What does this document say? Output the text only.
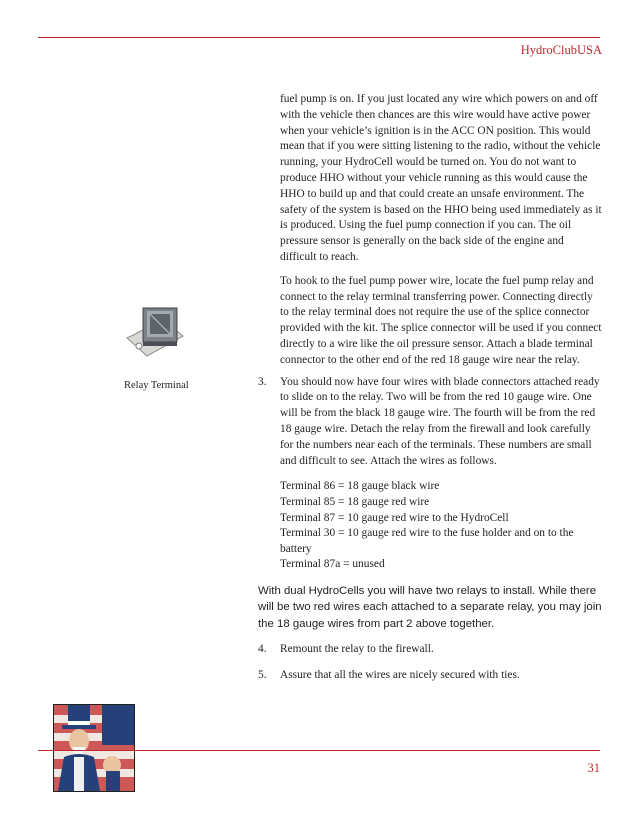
HydroClubUSA
Relay Terminal

fuel pump is on. If you just located any wire which powers on and off with the vehicle then chances are this wire would have active power when your vehicle’s ignition is in the ACC ON position. This would mean that if you were sitting listening to the radio, without the vehicle running, your HydroCell would be turned on. You do not want to produce HHO without your vehicle running as this would cause the HHO to build up and that could create an unsafe environment. The safety of the system is based on the HHO being used immediately as it is produced. Using the fuel pump connection if you can. The oil pressure sensor is generally on the back side of the engine and difficult to reach.

To hook to the fuel pump power wire, locate the fuel pump relay and connect to the relay terminal transferring power. Connecting directly to the relay terminal does not require the use of the splice connector provided with the kit. The splice connector will be used if you connect directly to a wire like the oil pressure sensor. Attach a blade terminal connector to the other end of the red 18 gauge wire near the relay.

3.	You should now have four wires with blade connectors attached ready to slide on to the relay. Two will be from the red 10 gauge wire. One will be from the black 18 gauge wire. The fourth will be from the red 18 gauge wire. Detach the relay from the firewall and look carefully for the numbers near each of the terminals. These numbers are small and difficult to see. Attach the wires as follows.
Terminal 86 = 18 gauge black wire
Terminal 85 = 18 gauge red wire
Terminal 87 = 10 gauge red wire to the HydroCell
Terminal 30 = 10 gauge red wire to the fuse holder and on to the battery
Terminal 87a = unused

With dual HydroCells you will have two relays to install. While there will be two red wires each attached to a separate relay, you may join the 18 gauge wires from part 2 above together.

4.	Remount the relay to the firewall.
5.	Assure that all the wires are nicely secured with ties.
31
